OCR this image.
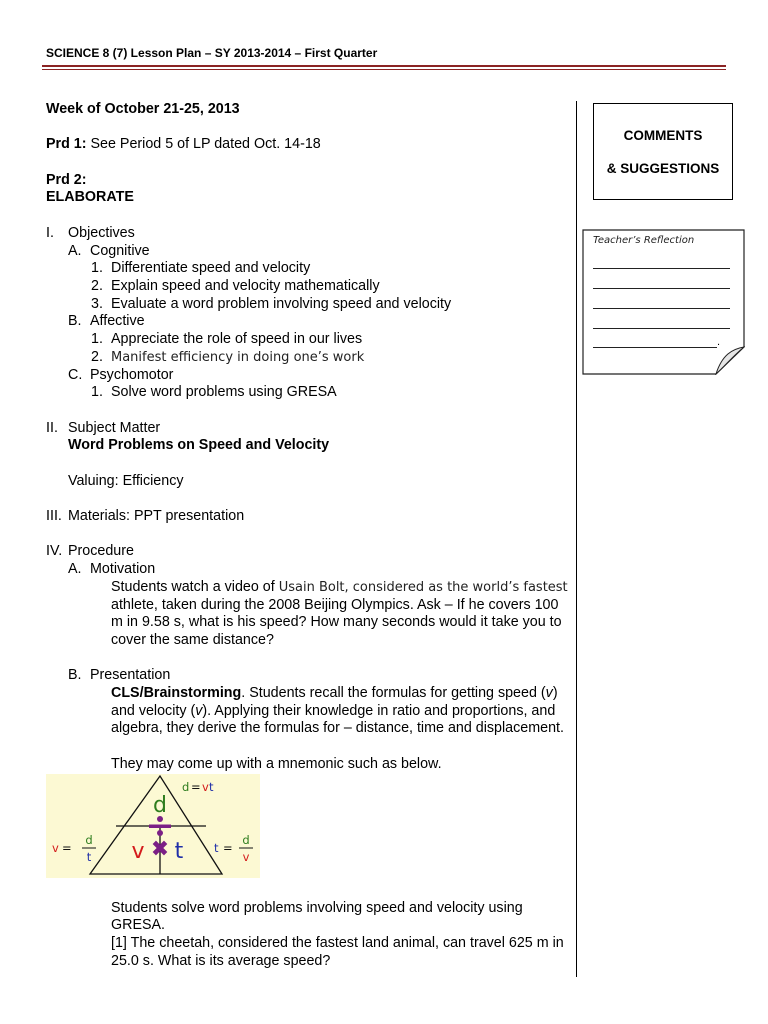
SCIENCE 8 (7) Lesson Plan – SY 2013-2014 – First Quarter
Week of October 21-25, 2013
Prd 1: See Period 5 of LP dated Oct. 14-18
Prd 2:
ELABORATE
I. Objectives
A. Cognitive
1. Differentiate speed and velocity
2. Explain speed and velocity mathematically
3. Evaluate a word problem involving speed and velocity
B. Affective
1. Appreciate the role of speed in our lives
2. Manifest efficiency in doing one’s work
C. Psychomotor
1. Solve word problems using GRESA
II. Subject Matter
Word Problems on Speed and Velocity
Valuing: Efficiency
III. Materials: PPT presentation
IV. Procedure
A. Motivation
Students watch a video of Usain Bolt, considered as the world’s fastest
athlete, taken during the 2008 Beijing Olympics. Ask – If he covers 100
m in 9.58 s, what is his speed? How many seconds would it take you to
cover the same distance?
B. Presentation
CLS/Brainstorming. Students recall the formulas for getting speed (v)
and velocity (v). Applying their knowledge in ratio and proportions, and
algebra, they derive the formulas for – distance, time and displacement.
They may come up with a mnemonic such as below.
✖
d
v t
d = v t
v =
d
t
t =
d
v
Students solve word problems involving speed and velocity using
GRESA.
[1] The cheetah, considered the fastest land animal, can travel 625 m in
25.0 s. What is its average speed?
COMMENTS
& SUGGESTIONS
Teacher’s Reflection
.
